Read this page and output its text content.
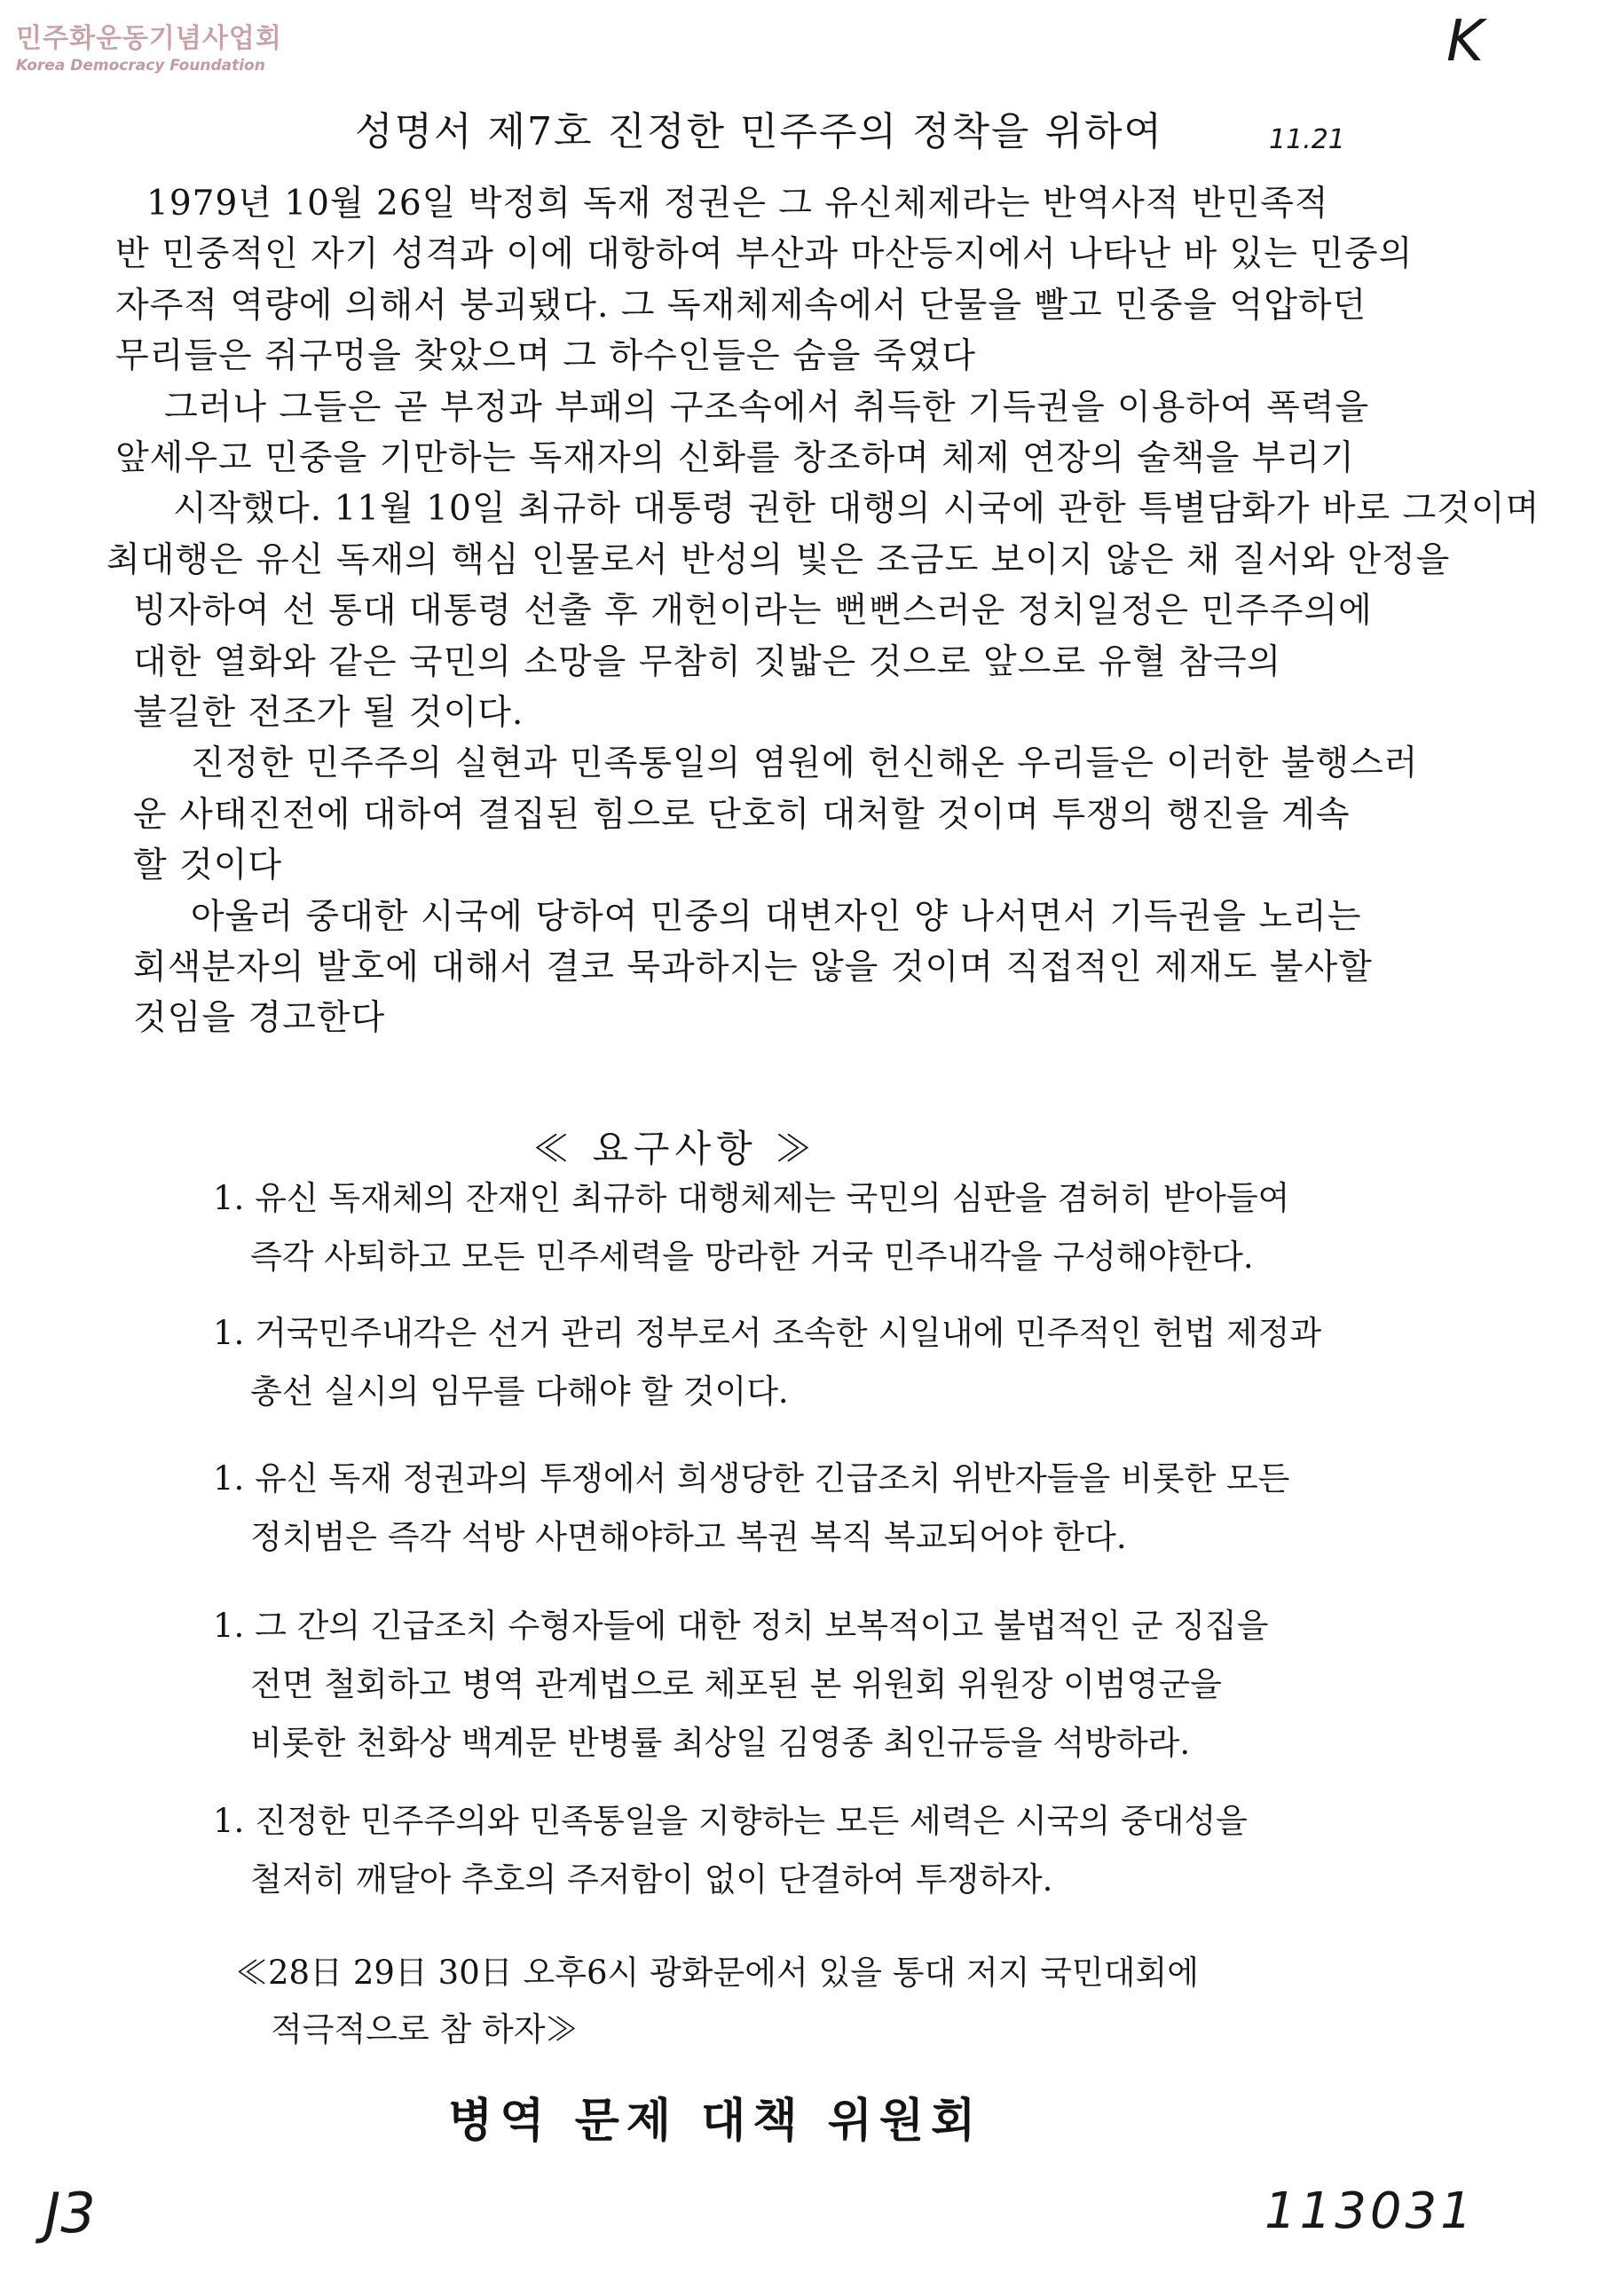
민주화운동기념사업회
Korea Democracy Foundation	K
11.21
성명서 제7호 진정한 민주주의 정착을 위하여
1979년 10월 26일 박정희 독재 정권은 그 유신체제라는 반역사적 반민족적
반 민중적인 자기 성격과 이에 대항하여 부산과 마산등지에서 나타난 바 있는 민중의
자주적 역량에 의해서 붕괴됐다. 그 독재체제속에서 단물을 빨고 민중을 억압하던
무리들은 쥐구멍을 찾았으며 그 하수인들은 숨을 죽였다
그러나 그들은 곧 부정과 부패의 구조속에서 취득한 기득권을 이용하여 폭력을
앞세우고 민중을 기만하는 독재자의 신화를 창조하며 체제 연장의 술책을 부리기
시작했다. 11월 10일 최규하 대통령 권한 대행의 시국에 관한 특별담화가 바로 그것이며
최대행은 유신 독재의 핵심 인물로서 반성의 빛은 조금도 보이지 않은 채 질서와 안정을
빙자하여 선 통대 대통령 선출 후 개헌이라는 뻔뻔스러운 정치일정은 민주주의에
대한 열화와 같은 국민의 소망을 무참히 짓밟은 것으로 앞으로 유혈 참극의
불길한 전조가 될 것이다.
진정한 민주주의 실현과 민족통일의 염원에 헌신해온 우리들은 이러한 불행스러
운 사태진전에 대하여 결집된 힘으로 단호히 대처할 것이며 투쟁의 행진을 계속
할 것이다
아울러 중대한 시국에 당하여 민중의 대변자인 양 나서면서 기득권을 노리는
회색분자의 발호에 대해서 결코 묵과하지는 않을 것이며 직접적인 제재도 불사할
것임을 경고한다
≪ 요구사항 ≫
1. 유신 독재체의 잔재인 최규하 대행체제는 국민의 심판을 겸허히 받아들여
즉각 사퇴하고 모든 민주세력을 망라한 거국 민주내각을 구성해야한다.
1. 거국민주내각은 선거 관리 정부로서 조속한 시일내에 민주적인 헌법 제정과
총선 실시의 임무를 다해야 할 것이다.
1. 유신 독재 정권과의 투쟁에서 희생당한 긴급조치 위반자들을 비롯한 모든
정치범은 즉각 석방 사면해야하고 복권 복직 복교되어야 한다.
1. 그 간의 긴급조치 수형자들에 대한 정치 보복적이고 불법적인 군 징집을
전면 철회하고 병역 관계법으로 체포된 본 위원회 위원장 이범영군을
비롯한 천화상 백계문 반병률 최상일 김영종 최인규등을 석방하라.
1. 진정한 민주주의와 민족통일을 지향하는 모든 세력은 시국의 중대성을
철저히 깨달아 추호의 주저함이 없이 단결하여 투쟁하자.
≪28日 29日 30日 오후6시 광화문에서 있을 통대 저지 국민대회에
적극적으로 참 하자≫
병역 문제 대책 위원회
J3	113031
